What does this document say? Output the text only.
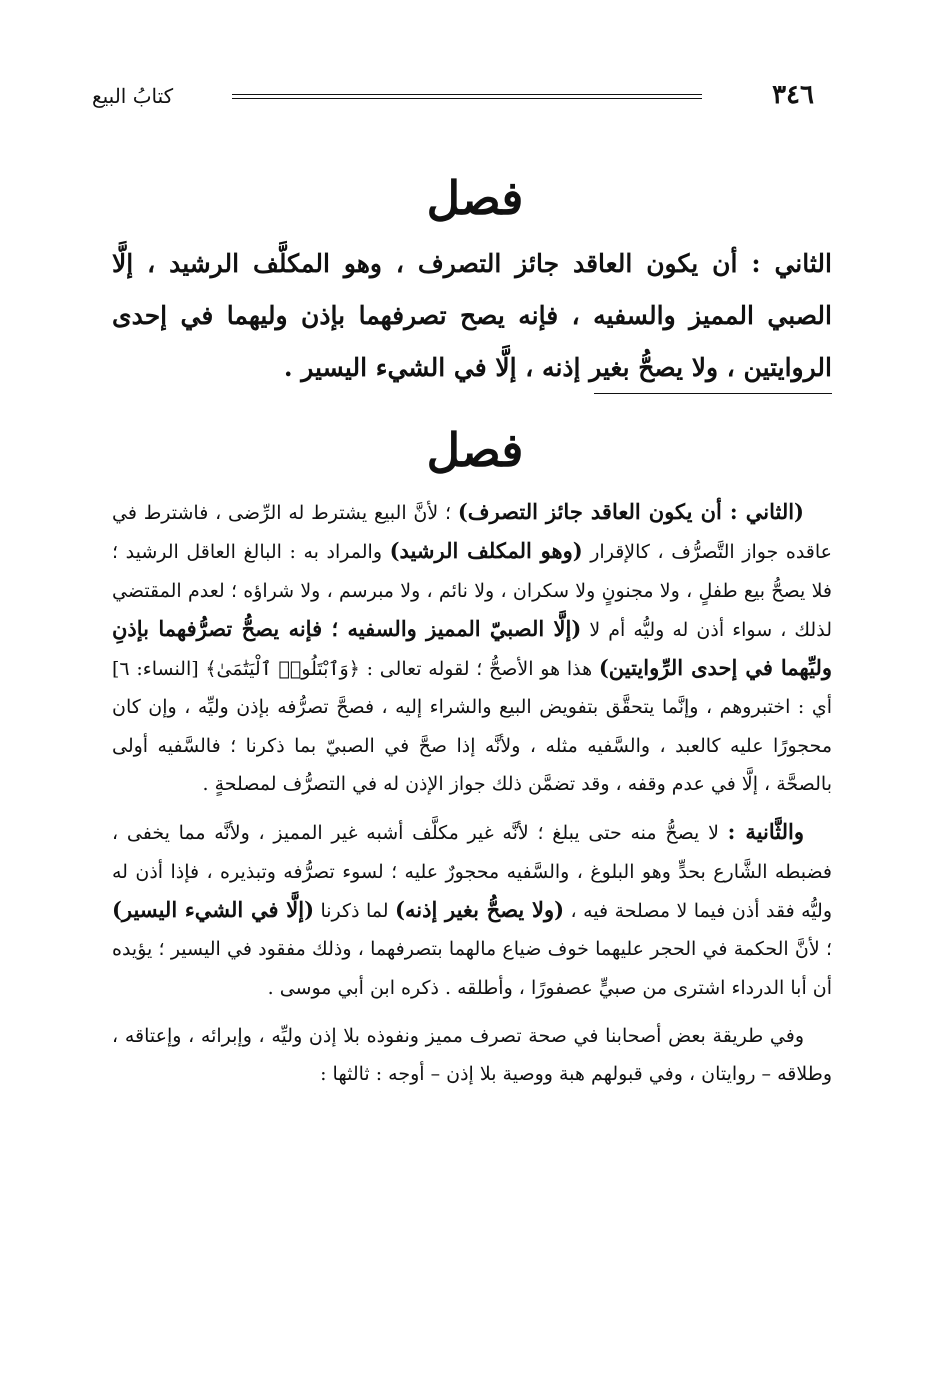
٣٤٦
كتابُ البيع
فصل

الثاني : أن يكون العاقد جائز التصرف ، وهو المكلَّف الرشيد ، إلَّا الصبي المميز والسفيه ، فإنه يصح تصرفهما بإذن وليهما في إحدى الروايتين ، ولا يصحُّ بغير إذنه ، إلَّا في الشيء اليسير .

فصل

(الثاني : أن يكون العاقد جائز التصرف) ؛ لأنَّ البيع يشترط له الرِّضى ، فاشترط في عاقده جواز التَّصرُّف ، كالإقرار (وهو المكلف الرشيد) والمراد به : البالغ العاقل الرشيد ؛ فلا يصحُّ بيع طفلٍ ، ولا مجنونٍ ولا سكران ، ولا نائم ، ولا مبرسم ، ولا شراؤه ؛ لعدم المقتضي لذلك ، سواء أذن له وليُّه أم لا (إلَّا الصبيّ المميز والسفيه ؛ فإنه يصحُّ تصرُّفهما بإذنِ وليِّهما في إحدى الرِّوايتين) هذا هو الأصحُّ ؛ لقوله تعالى : ﴿وَٱبْتَلُوا۟ ٱلْيَتَٰمَىٰ﴾ [النساء: ٦] أي : اختبروهم ، وإنَّما يتحقَّق بتفويض البيع والشراء إليه ، فصحَّ تصرُّفه بإذن وليِّه ، وإن كان محجورًا عليه كالعبد ، والسَّفيه مثله ، ولأنَّه إذا صحَّ في الصبيّ بما ذكرنا ؛ فالسَّفيه أولى بالصحَّة ، إلَّا في عدم وقفه ، وقد تضمَّن ذلك جواز الإذن له في التصرُّف لمصلحةٍ .

والثَّانية : لا يصحُّ منه حتى يبلغ ؛ لأنَّه غير مكلَّف أشبه غير المميز ، ولأنَّه مما يخفى ، فضبطه الشَّارع بحدٍّ وهو البلوغ ، والسَّفيه محجورٌ عليه ؛ لسوء تصرُّفه وتبذيره ، فإذا أذن له وليُّه فقد أذن فيما لا مصلحة فيه ، (ولا يصحُّ بغير إذنه) لما ذكرنا (إلَّا في الشيء اليسير) ؛ لأنَّ الحكمة في الحجر عليهما خوف ضياع مالهما بتصرفهما ، وذلك مفقود في اليسير ؛ يؤيده أن أبا الدرداء اشترى من صبيٍّ عصفورًا ، وأطلقه . ذكره ابن أبي موسى .

وفي طريقة بعض أصحابنا في صحة تصرف مميز ونفوذه بلا إذن وليِّه ، وإبرائه ، وإعتاقه ، وطلاقه – روايتان ، وفي قبولهم هبة ووصية بلا إذن – أوجه : ثالثها :
